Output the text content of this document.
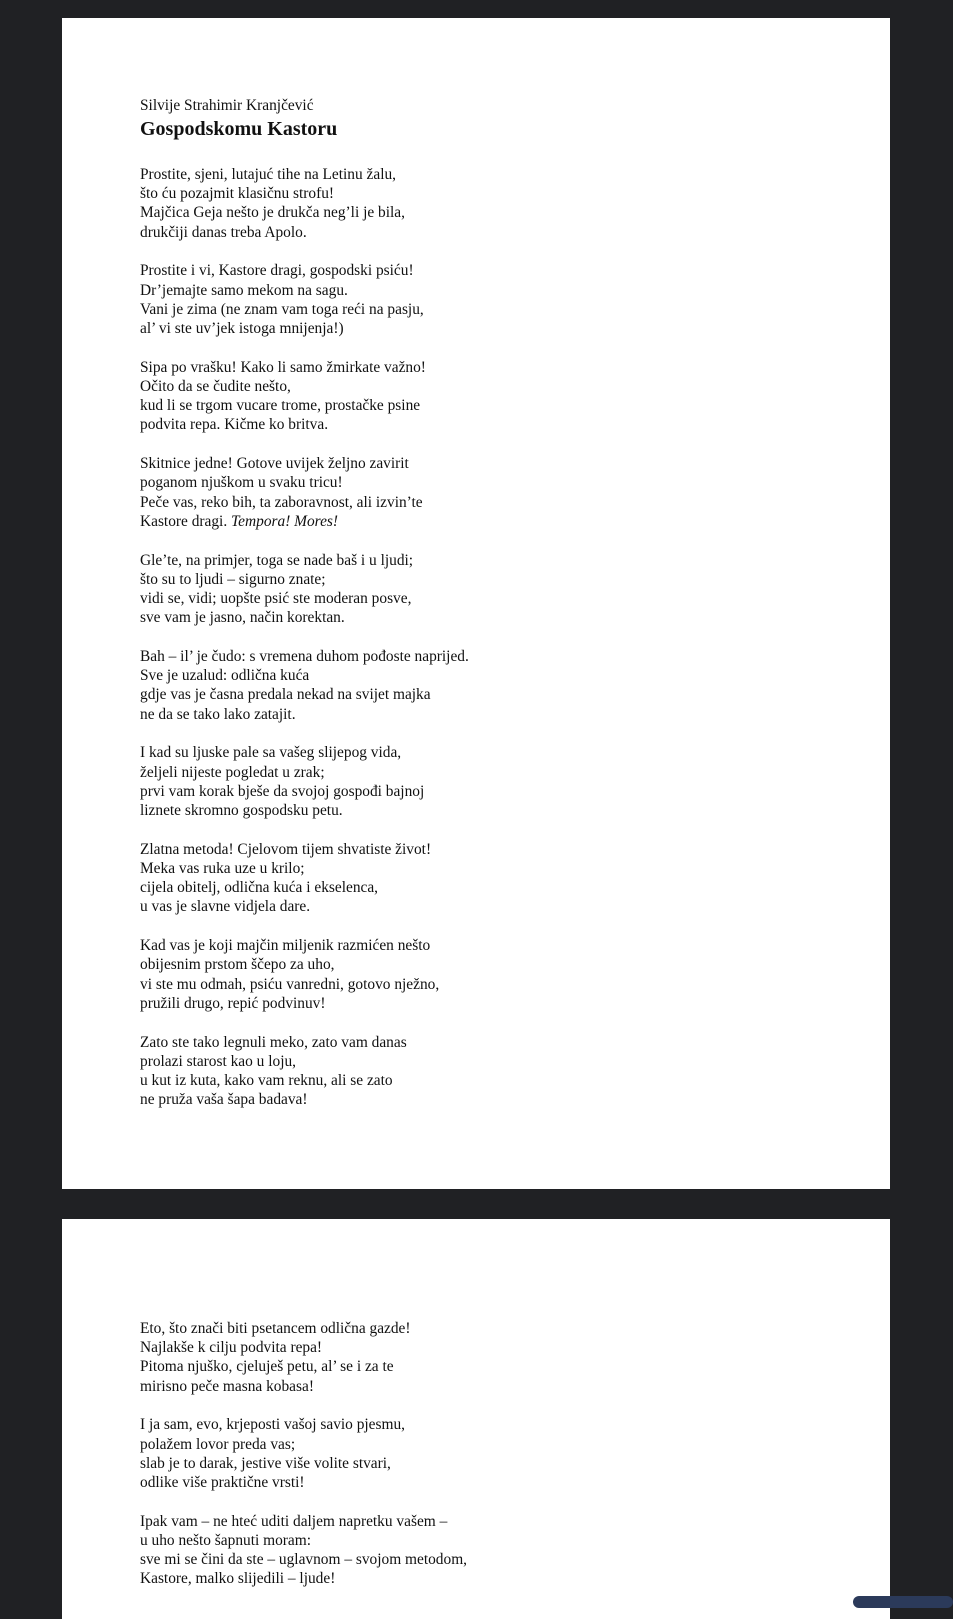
Silvije Strahimir Kranjčević

Gospodskomu Kastoru
Prostite, sjeni, lutajuć tihe na Letinu žalu,
što ću pozajmit klasičnu strofu!
Majčica Geja nešto je drukča neg’li je bila,
drukčiji danas treba Apolo.
Prostite i vi, Kastore dragi, gospodski psiću!
Dr’jemajte samo mekom na sagu.
Vani je zima (ne znam vam toga reći na pasju,
al’ vi ste uv’jek istoga mnijenja!)
Sipa po vrašku! Kako li samo žmirkate važno!
Očito da se čudite nešto,
kud li se trgom vucare trome, prostačke psine
podvita repa. Kičme ko britva.
Skitnice jedne! Gotove uvijek željno zavirit
poganom njuškom u svaku tricu!
Peče vas, reko bih, ta zaboravnost, ali izvin’te
Kastore dragi. Tempora! Mores!
Gle’te, na primjer, toga se nade baš i u ljudi;
što su to ljudi – sigurno znate;
vidi se, vidi; uopšte psić ste moderan posve,
sve vam je jasno, način korektan.
Bah – il’ je čudo: s vremena duhom pođoste naprijed.
Sve je uzalud: odlična kuća
gdje vas je časna predala nekad na svijet majka
ne da se tako lako zatajit.
I kad su ljuske pale sa vašeg slijepog vida,
željeli nijeste pogledat u zrak;
prvi vam korak bješe da svojoj gospođi bajnoj
liznete skromno gospodsku petu.
Zlatna metoda! Cjelovom tijem shvatiste život!
Meka vas ruka uze u krilo;
cijela obitelj, odlična kuća i ekselenca,
u vas je slavne vidjela dare.
Kad vas je koji majčin miljenik razmićen nešto
obijesnim prstom ščepo za uho,
vi ste mu odmah, psiću vanredni, gotovo nježno,
pružili drugo, repić podvinuv!
Zato ste tako legnuli meko, zato vam danas
prolazi starost kao u loju,
u kut iz kuta, kako vam reknu, ali se zato
ne pruža vaša šapa badava!
Eto, što znači biti psetancem odlična gazde!
Najlakše k cilju podvita repa!
Pitoma njuško, cjeluješ petu, al’ se i za te
mirisno peče masna kobasa!
I ja sam, evo, krjeposti vašoj savio pjesmu,
polažem lovor preda vas;
slab je to darak, jestive više volite stvari,
odlike više praktične vrsti!
Ipak vam – ne hteć uditi daljem napretku vašem –
u uho nešto šapnuti moram:
sve mi se čini da ste – uglavnom – svojom metodom,
Kastore, malko slijedili – ljude!
